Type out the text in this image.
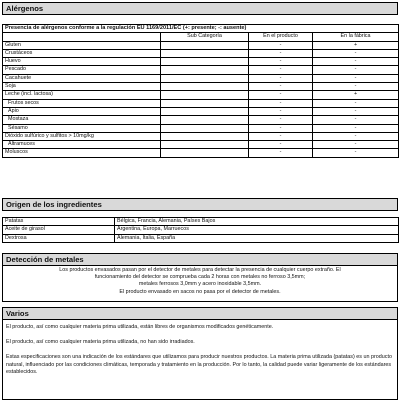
Alérgenos
Presencia de alérgenos conforme a la regulación EU 1169/2011/EC (+: presente; -: ausente)			
	Sub Categoría	En el producto	En la fábrica
Gluten		-	+
Crustáceos		-	-
Huevo		-	-
Pescado		-	-
Cacahuete		-	-
Soja		-	-
Leche (incl. lactosa)		-	+
Frutos secos		-	-
Apio		-	-
Mostaza		-	-
Sésamo		-	-
Dióxido sulfúrico y sulfitos > 10mg/kg		-	-
Altramuces		-	-
Moluscos		-	-
Origen de los ingredientes
Patatas	Bélgica, Francia, Alemania, Países Bajos
Aceite de girasol	Argentina, Europa, Marruecos
Dextrosa	Alemania, Italia, España
Detección de metales
Los productos envasados pasan por el detector de metales para detectar la presencia de cualquier cuerpo extraño. El
funcionamiento del detector se comprueba cada 2 horas con metales no ferroso 3,5mm;
metales ferrosos 3,0mm y acero inoxidable 3,5mm.
El producto envasado en sacos no pasa por el detector de metales.
Varios

El producto, así como cualquier materia prima utilizada, están libres de organismos modificados genéticamente.

El producto, así como cualquier materia prima utilizada, no han sido irradiados.

Estas especificaciones son una indicación de los estándares que utilizamos para producir nuestros productos. La materia prima utilizada (patatas) es un producto natural, influenciado por las condiciones climáticas, temporada y tratamiento en la producción. Por lo tanto, la calidad puede variar ligeramente de los estándares establecidos.
